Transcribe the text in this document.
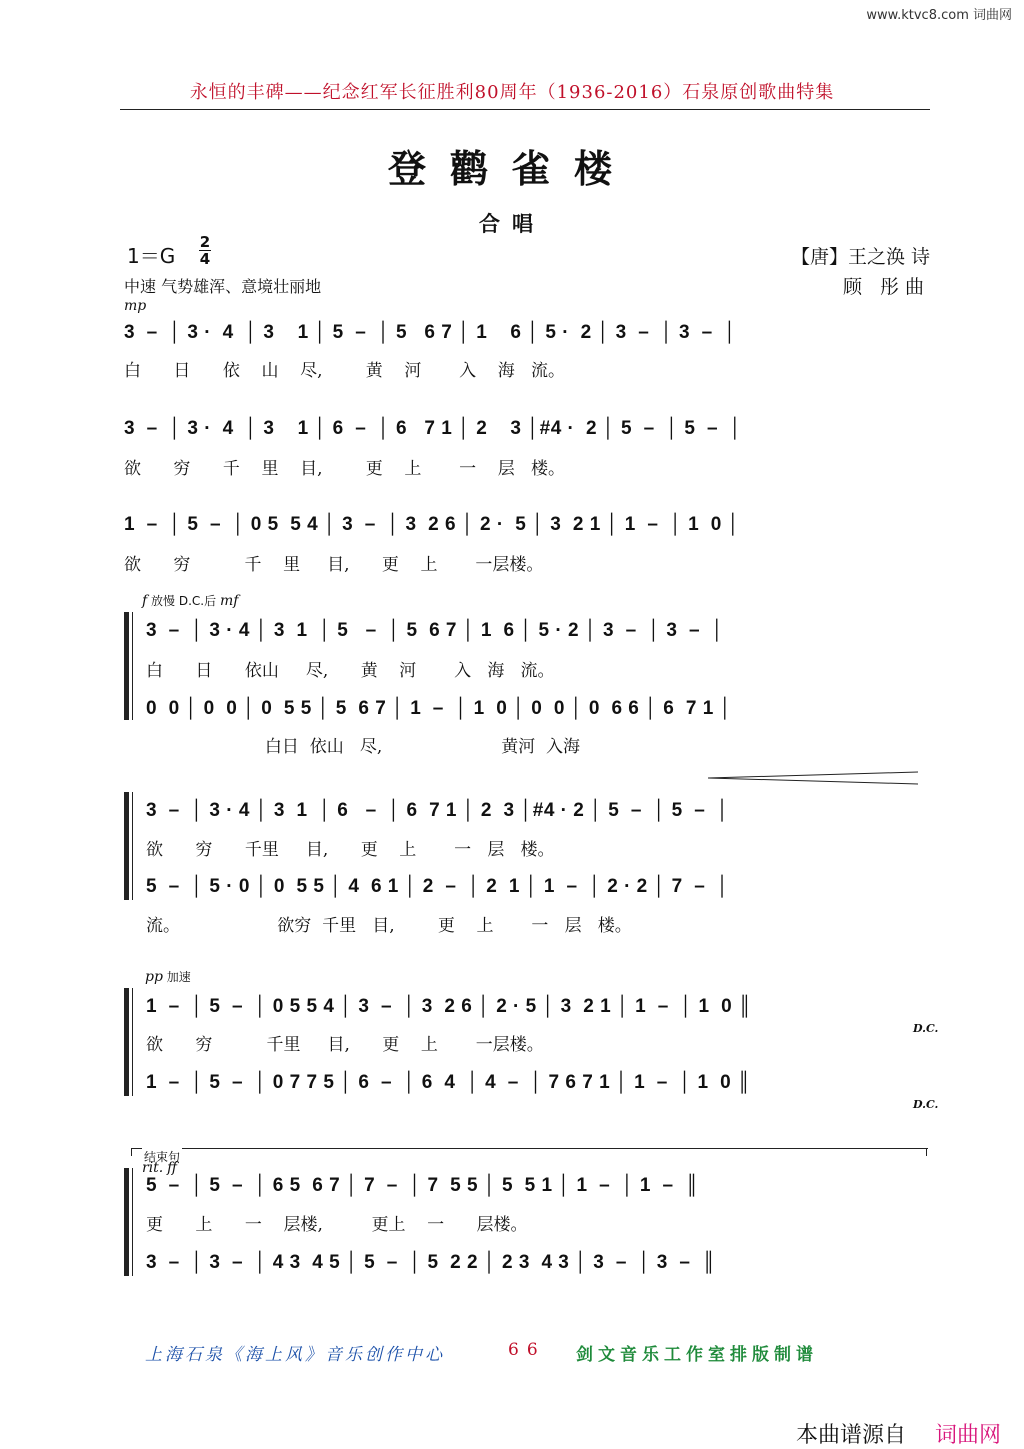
www.ktvc8.com 词曲网
永恒的丰碑——纪念红军长征胜利80周年（1936-2016）石泉原创歌曲特集
登鹳雀楼
合唱
1＝G
2
4	【唐】王之涣 诗
顾 彤曲
中速 气势雄浑、意境壮丽地
mp
3  –  │ 3 ·  4  │ 3    1 │ 5  –  │ 5   6 7 │ 1    6 │ 5 ·  2 │ 3  –  │ 3  –  │
白      日      依    山    尽,        黄    河       入    海   流。
3  –  │ 3 ·  4  │ 3    1 │ 6  –  │ 6   7 1 │ 2    3 │#4 ·  2 │ 5  –  │ 5  –  │
欲      穷      千    里    目,        更    上       一    层   楼。
1  –  │ 5  –  │ 0 5  5 4 │ 3  –  │ 3  2 6 │ 2 ·  5 │ 3  2 1 │ 1  –  │ 1  0 │
欲      穷          千    里     目,      更    上       一层楼。
f 放慢 D.C.后 mf
3  –  │ 3 · 4 │ 3  1  │ 5   –  │ 5  6 7 │ 1  6 │ 5 · 2 │ 3  –  │ 3  –  │
白      日      依山     尽,      黄    河       入   海   流。
0  0 │ 0  0 │ 0  5 5 │ 5  6 7 │ 1  –  │ 1  0 │ 0  0 │ 0  6 6 │ 6  7 1 │
白日  依山   尽,                      黄河  入海
3  –  │ 3 · 4 │ 3  1  │ 6   –  │ 6  7 1 │ 2  3 │#4 · 2 │ 5  –  │ 5  –  │
欲      穷      千里     目,      更    上       一   层   楼。
5  –  │ 5 · 0 │ 0  5 5 │ 4  6 1 │ 2  –  │ 2  1 │ 1  –  │ 2 · 2 │ 7  –  │
流。                  欲穷  千里   目,        更    上       一   层   楼。
pp 加速
1  –  │ 5  –  │ 0 5 5 4 │ 3  –  │ 3  2 6 │ 2 · 5 │ 3  2 1 │ 1  –  │ 1  0 ║
D.C.
欲      穷          千里     目,      更    上       一层楼。
1  –  │ 5  –  │ 0 7 7 5 │ 6  –  │ 6  4  │ 4  –  │ 7 6 7 1 │ 1  –  │ 1  0 ║
D.C.
结束句
rit. ff
5  –  │ 5  –  │ 6 5  6 7 │ 7  –  │ 7  5 5 │ 5  5 1 │ 1  –  │ 1  –  ║
更      上      一    层楼,         更上    一      层楼。
3  –  │ 3  –  │ 4 3  4 5 │ 5  –  │ 5  2 2 │ 2 3  4 3 │ 3  –  │ 3  –  ║
上海石泉《海上风》音乐创作中心	66 剑文音乐工作室排版制谱
本曲谱源自 词曲网
